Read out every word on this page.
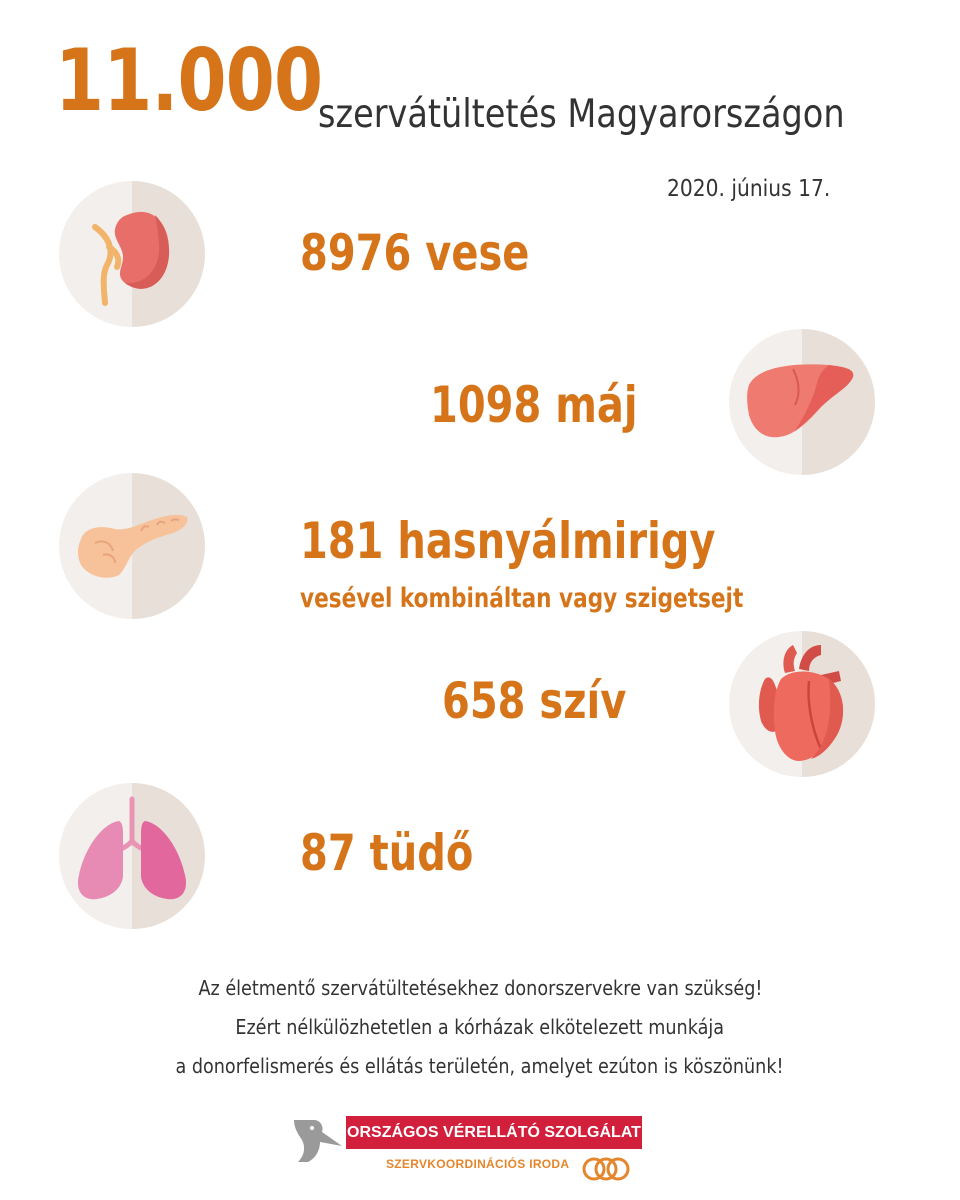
11.000
szervátültetés Magyarországon
2020. június 17.
8976 vese
1098 máj
181 hasnyálmirigy
vesével kombináltan vagy szigetsejt
658 szív
87 tüdő
Az életmentő szervátültetésekhez donorszervekre van szükség!
Ezért nélkülözhetetlen a kórházak elkötelezett munkája
a donorfelismerés és ellátás területén, amelyet ezúton is köszönünk!
ORSZÁGOS VÉRELLÁTÓ SZOLGÁLAT
SZERVKOORDINÁCIÓS IRODA
